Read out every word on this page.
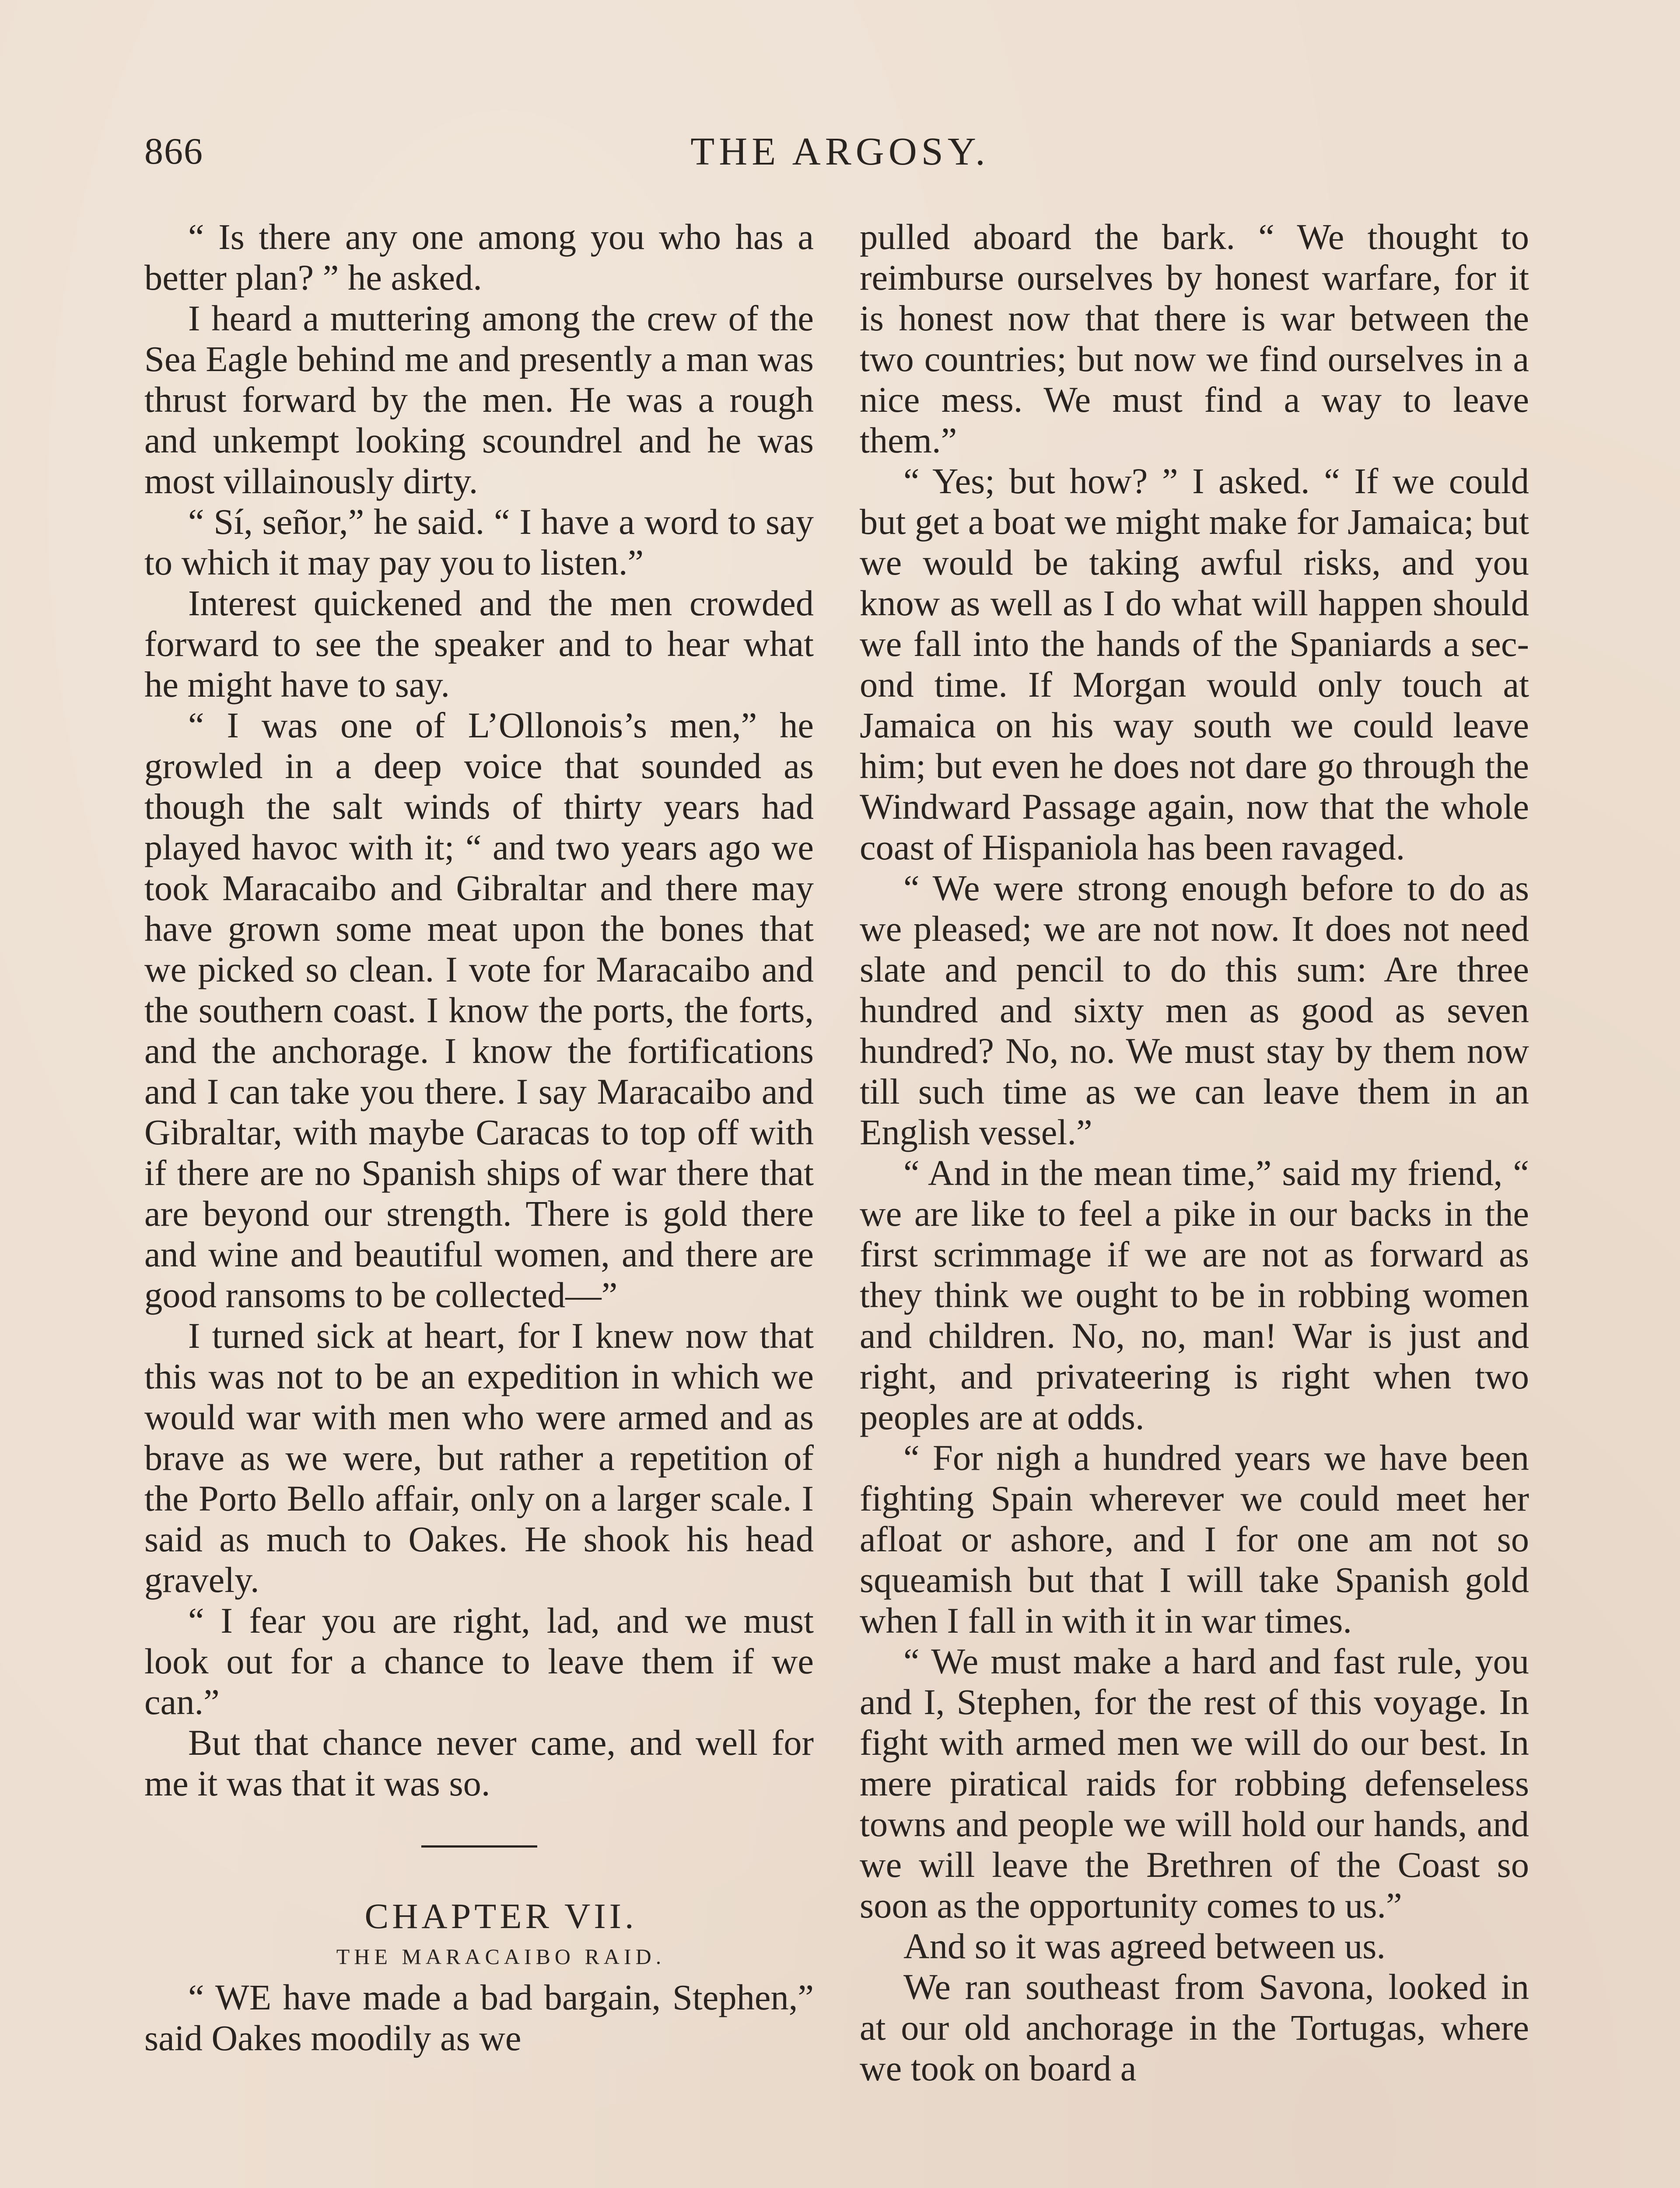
866	THE ARGOSY.

“ Is there any one among you who has a better plan? ” he asked.

I heard a muttering among the crew of the Sea Eagle behind me and presently a man was thrust forward by the men. He was a rough and unkempt looking scoundrel and he was most villainously dirty.

“ Sí, señor,” he said. “ I have a word to say to which it may pay you to listen.”

Interest quickened and the men crowded forward to see the speaker and to hear what he might have to say.

“ I was one of L’Ollonois’s men,” he growled in a deep voice that sounded as though the salt winds of thirty years had played havoc with it; “ and two years ago we took Maracaibo and Gibraltar and there may have grown some meat upon the bones that we picked so clean. I vote for Maracaibo and the southern coast. I know the ports, the forts, and the anchorage. I know the fortifications and I can take you there. I say Maracaibo and Gibraltar, with maybe Caracas to top off with if there are no Spanish ships of war there that are beyond our strength. There is gold there and wine and beautiful women, and there are good ransoms to be collected—”

I turned sick at heart, for I knew now that this was not to be an expedition in which we would war with men who were armed and as brave as we were, but rather a repetition of the Porto Bello affair, only on a larger scale. I said as much to Oakes. He shook his head gravely.

“ I fear you are right, lad, and we must look out for a chance to leave them if we can.”

But that chance never came, and well for me it was that it was so.

CHAPTER VII.

THE MARACAIBO RAID.

“ WE have made a bad bargain, Stephen,” said Oakes moodily as we

pulled aboard the bark. “ We thought to reimburse ourselves by honest warfare, for it is honest now that there is war between the two countries; but now we find ourselves in a nice mess. We must find a way to leave them.”

“ Yes; but how? ” I asked. “ If we could but get a boat we might make for Jamaica; but we would be taking awful risks, and you know as well as I do what will happen should we fall into the hands of the Spaniards a second time. If Morgan would only touch at Jamaica on his way south we could leave him; but even he does not dare go through the Windward Passage again, now that the whole coast of Hispaniola has been ravaged.

“ We were strong enough before to do as we pleased; we are not now. It does not need slate and pencil to do this sum: Are three hundred and sixty men as good as seven hundred? No, no. We must stay by them now till such time as we can leave them in an English vessel.”

“ And in the mean time,” said my friend, “ we are like to feel a pike in our backs in the first scrimmage if we are not as forward as they think we ought to be in robbing women and children. No, no, man! War is just and right, and privateering is right when two peoples are at odds.

“ For nigh a hundred years we have been fighting Spain wherever we could meet her afloat or ashore, and I for one am not so squeamish but that I will take Spanish gold when I fall in with it in war times.

“ We must make a hard and fast rule, you and I, Stephen, for the rest of this voyage. In fight with armed men we will do our best. In mere piratical raids for robbing defenseless towns and people we will hold our hands, and we will leave the Brethren of the Coast so soon as the opportunity comes to us.”

And so it was agreed between us.

We ran southeast from Savona, looked in at our old anchorage in the Tortugas, where we took on board a
